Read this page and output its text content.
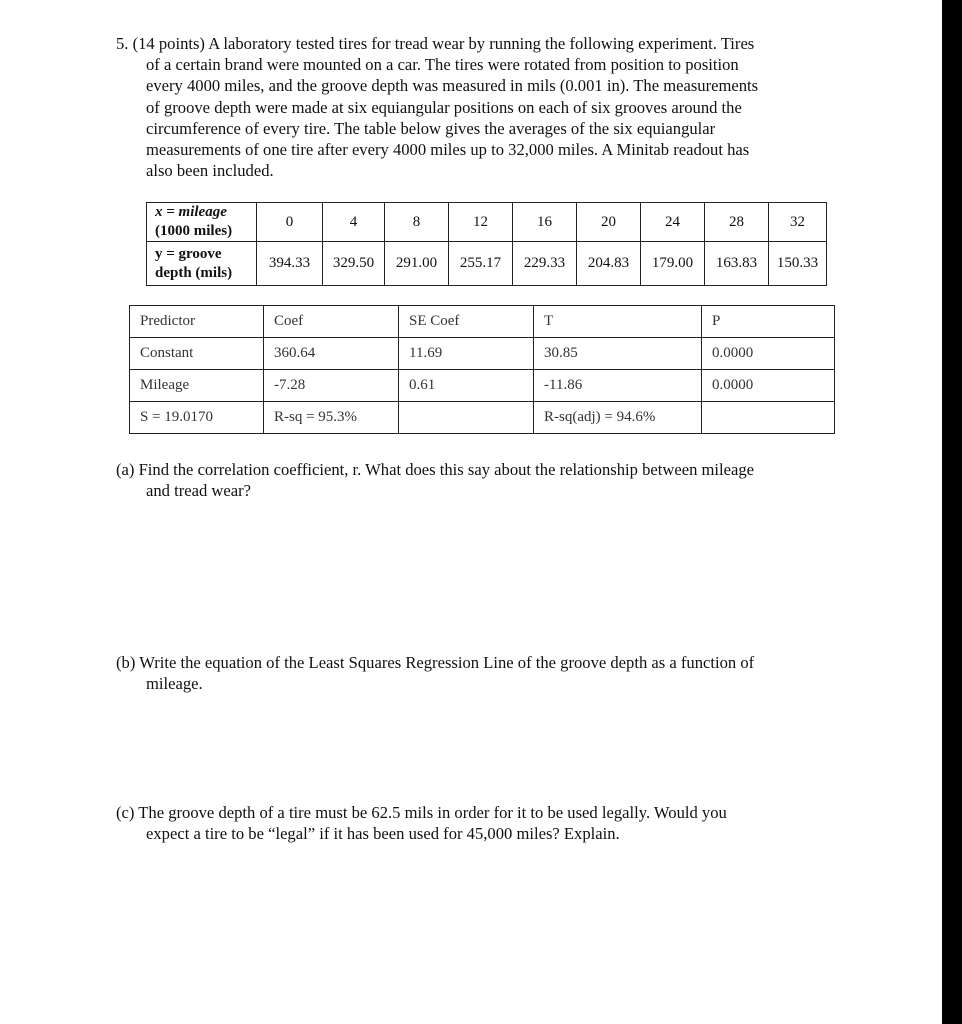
5. (14 points) A laboratory tested tires for tread wear by running the following experiment. Tires
of a certain brand were mounted on a car. The tires were rotated from position to position
every 4000 miles, and the groove depth was measured in mils (0.001 in). The measurements
of groove depth were made at six equiangular positions on each of six grooves around the
circumference of every tire. The table below gives the averages of the six equiangular
measurements of one tire after every 4000 miles up to 32,000 miles. A Minitab readout has
also been included.
x = mileage
(1000 miles)	0	4	8	12	16	20	24	28	32
y = groove
depth (mils)	394.33	329.50	291.00	255.17	229.33	204.83	179.00	163.83	150.33
Predictor	Coef	SE Coef	T	P
Constant	360.64	11.69	30.85	0.0000
Mileage	-7.28	0.61	-11.86	0.0000
S = 19.0170	R-sq = 95.3%		R-sq(adj) = 94.6%	
(a) Find the correlation coefficient, r. What does this say about the relationship between mileage
and tread wear?
(b) Write the equation of the Least Squares Regression Line of the groove depth as a function of
mileage.
(c) The groove depth of a tire must be 62.5 mils in order for it to be used legally. Would you
expect a tire to be “legal” if it has been used for 45,000 miles? Explain.
